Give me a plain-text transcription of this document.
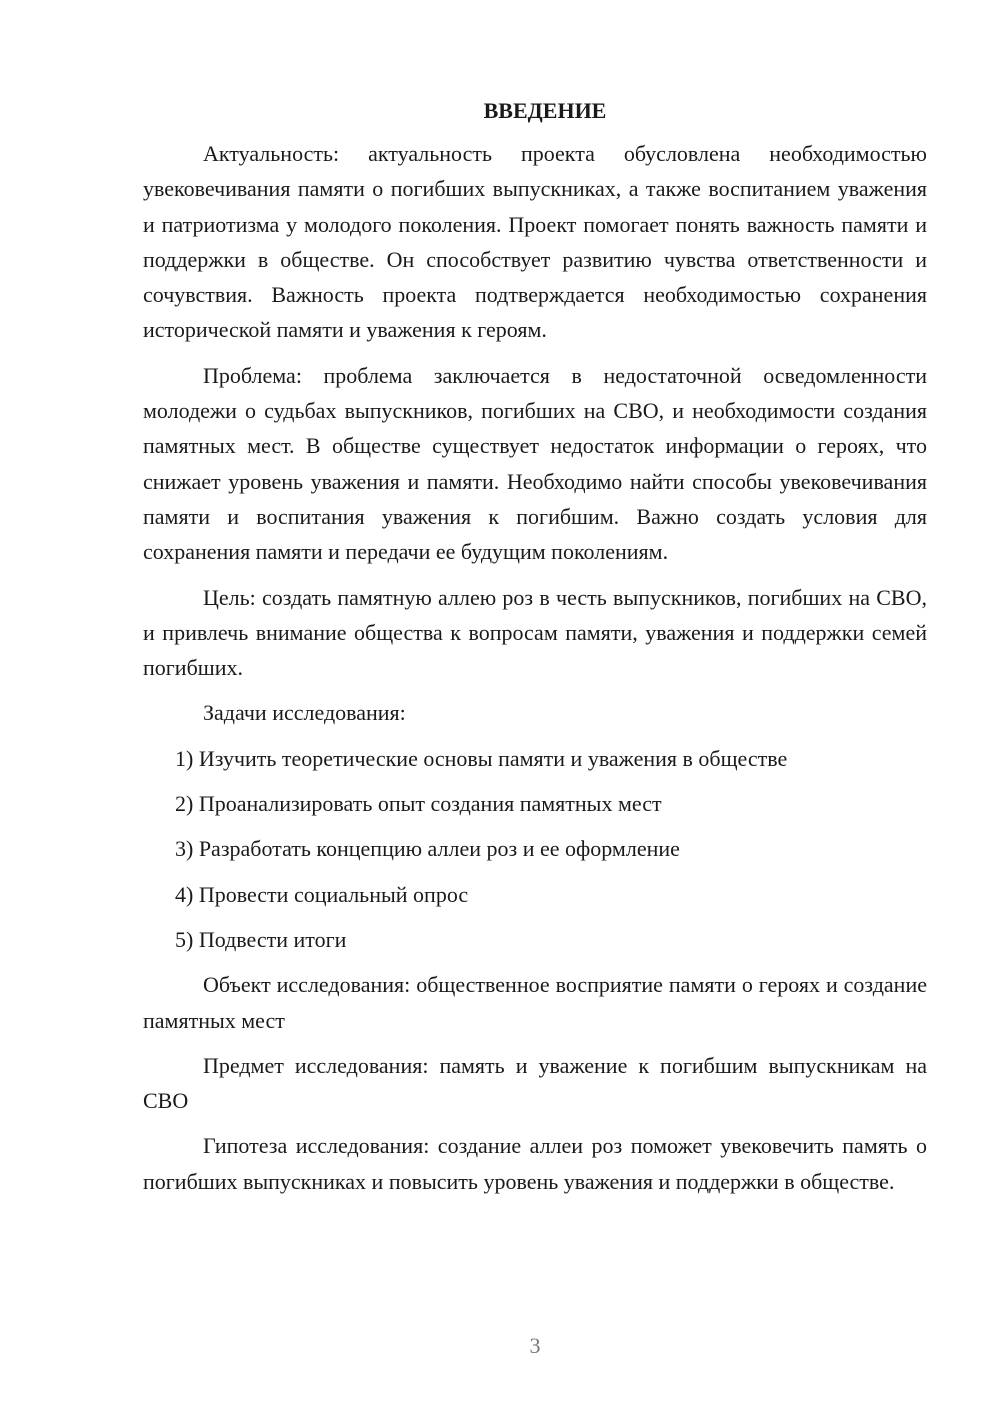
ВВЕДЕНИЕ

Актуальность: актуальность проекта обусловлена необходимостью увековечивания памяти о погибших выпускниках, а также воспитанием уважения и патриотизма у молодого поколения. Проект помогает понять важность памяти и поддержки в обществе. Он способствует развитию чувства ответственности и сочувствия. Важность проекта подтверждается необходимостью сохранения исторической памяти и уважения к героям.

Проблема: проблема заключается в недостаточной осведомленности молодежи о судьбах выпускников, погибших на СВО, и необходимости создания памятных мест. В обществе существует недостаток информации о героях, что снижает уровень уважения и памяти. Необходимо найти способы увековечивания памяти и воспитания уважения к погибшим. Важно создать условия для сохранения памяти и передачи ее будущим поколениям.

Цель: создать памятную аллею роз в честь выпускников, погибших на СВО, и привлечь внимание общества к вопросам памяти, уважения и поддержки семей погибших.

Задачи исследования:

1) Изучить теоретические основы памяти и уважения в обществе
2) Проанализировать опыт создания памятных мест
3) Разработать концепцию аллеи роз и ее оформление
4) Провести социальный опрос
5) Подвести итоги

Объект исследования: общественное восприятие памяти о героях и создание памятных мест

Предмет исследования: память и уважение к погибшим выпускникам на СВО

Гипотеза исследования: создание аллеи роз поможет увековечить память о погибших выпускниках и повысить уровень уважения и поддержки в обществе.

3
